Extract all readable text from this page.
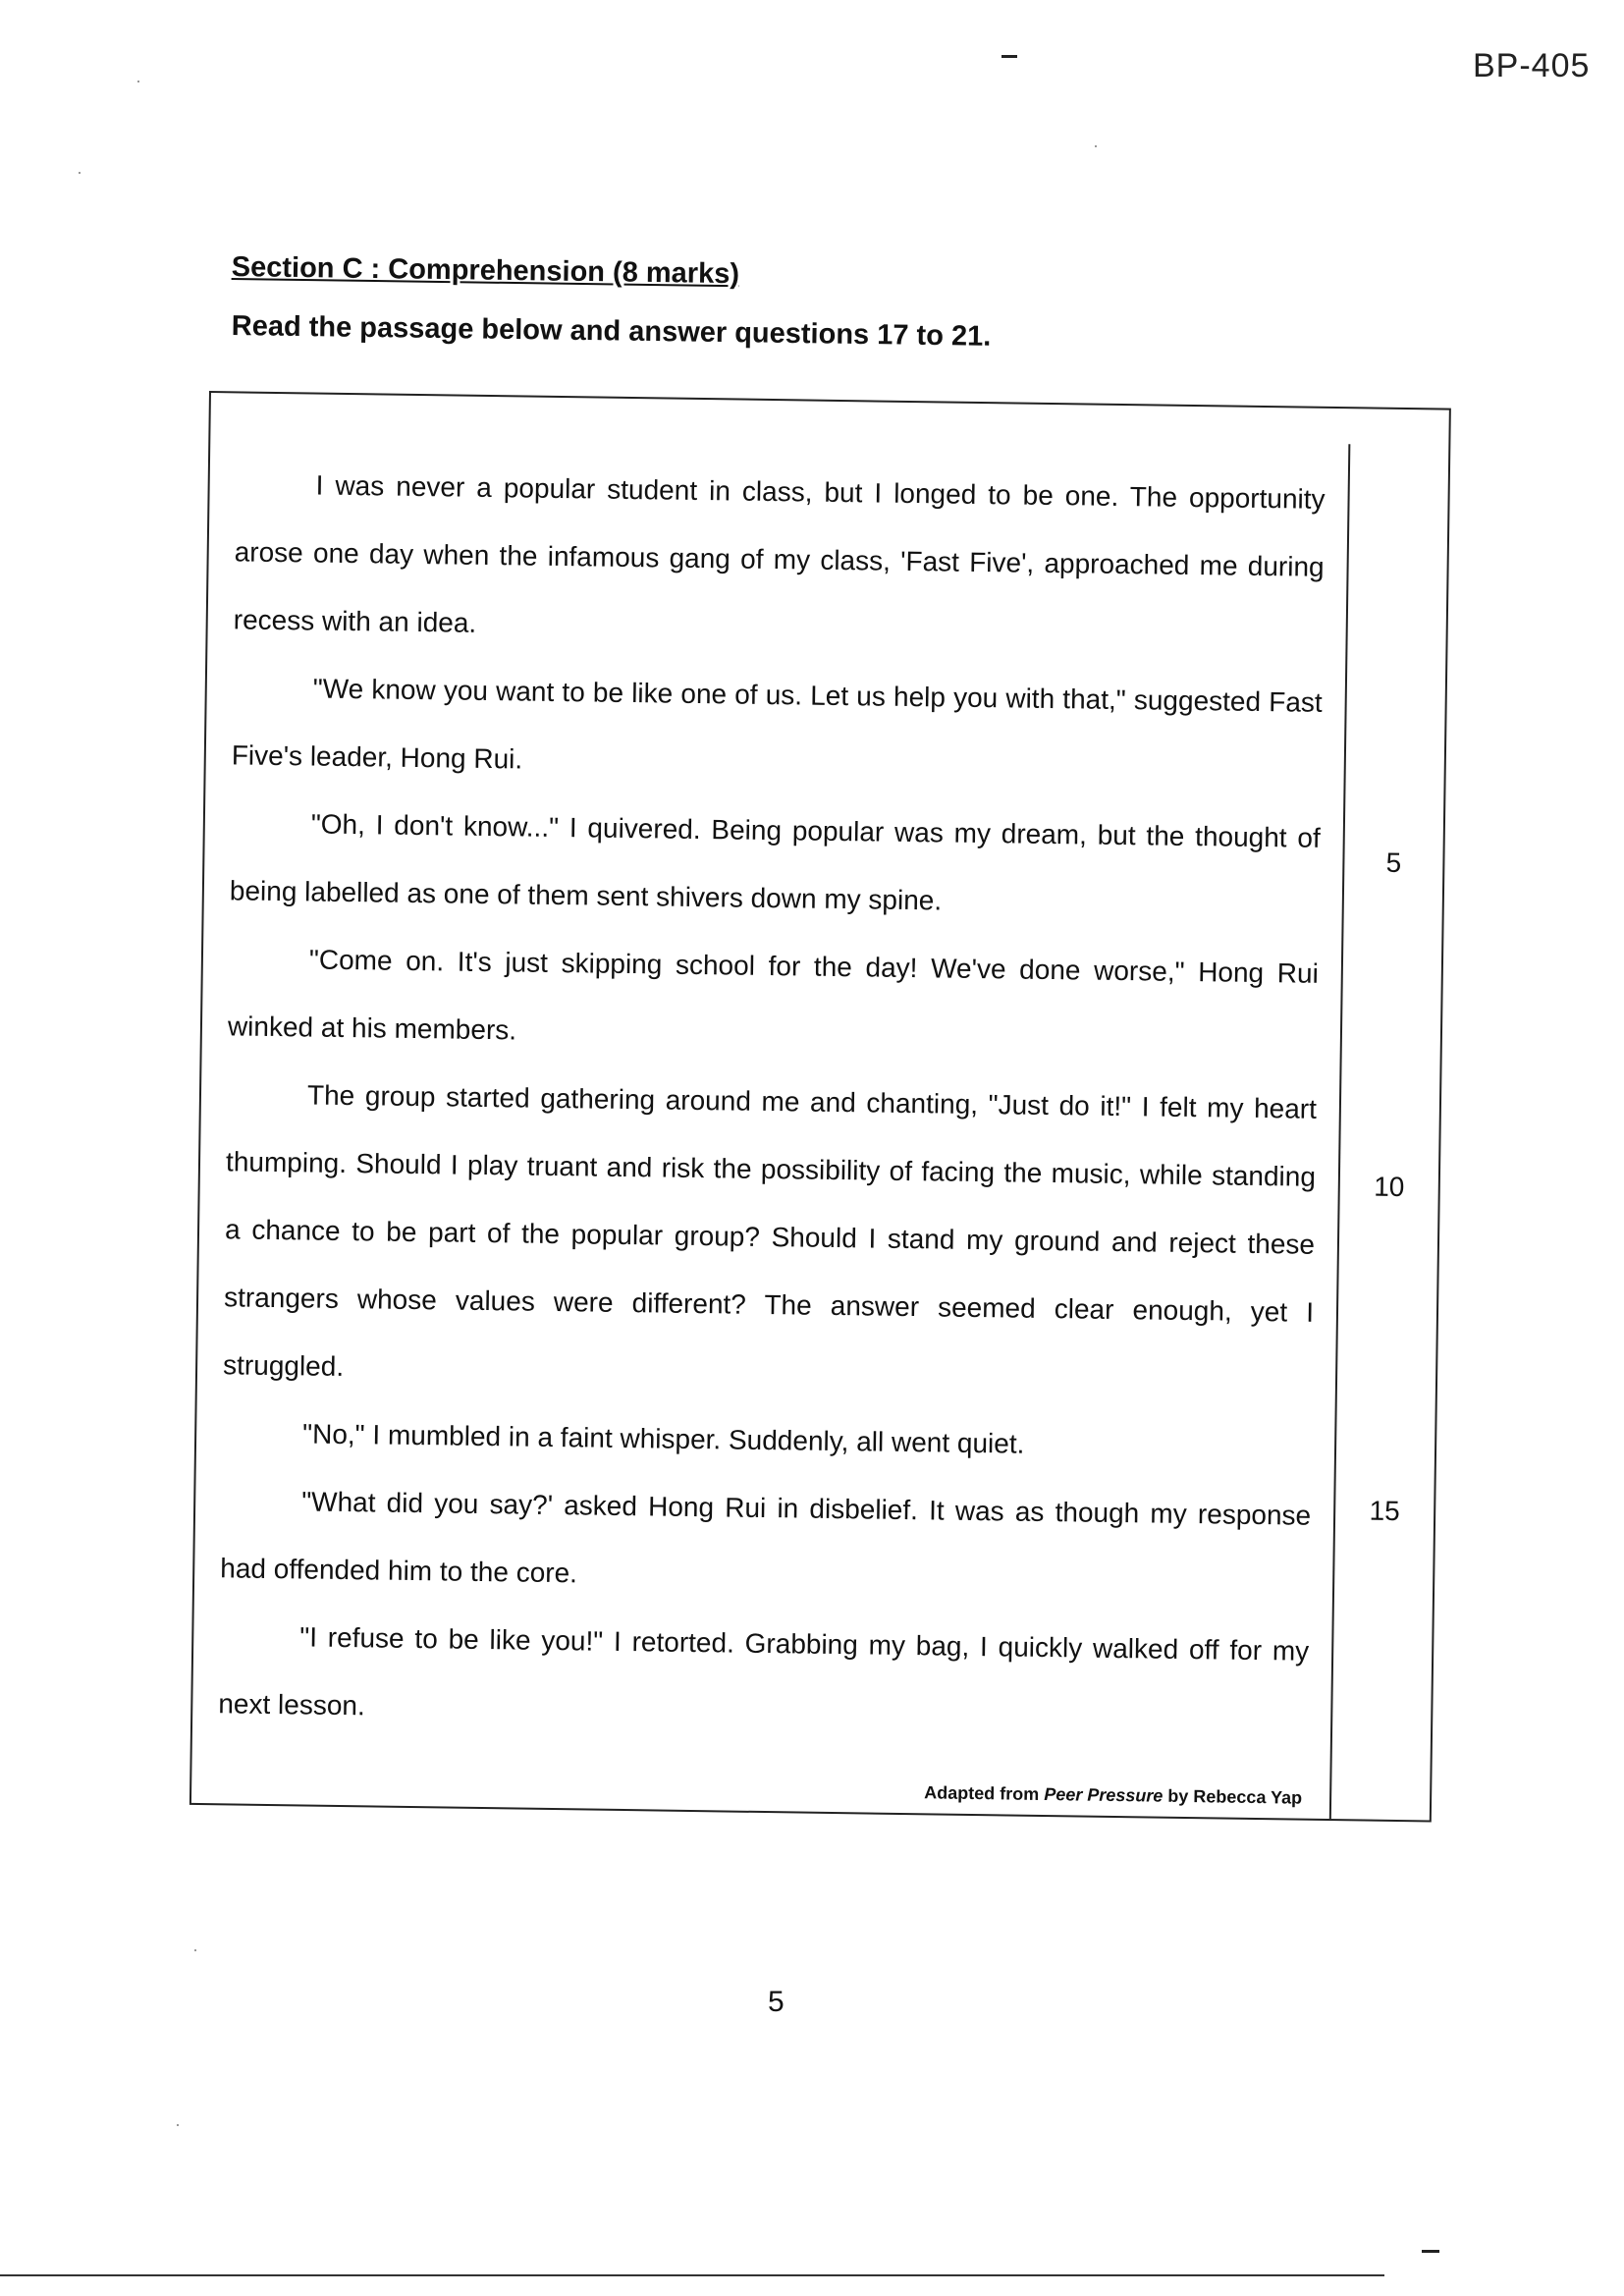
BP-405
Section C : Comprehension (8 marks)
Read the passage below and answer questions 17 to 21.
5
10
15

I was never a popular student in class, but I longed to be one. The opportunity arose one day when the infamous gang of my class, 'Fast Five', approached me during recess with an idea.

"We know you want to be like one of us. Let us help you with that," suggested Fast Five's leader, Hong Rui.

"Oh, I don't know..." I quivered. Being popular was my dream, but the thought of being labelled as one of them sent shivers down my spine.

"Come on. It's just skipping school for the day! We've done worse," Hong Rui winked at his members.

The group started gathering around me and chanting, "Just do it!" I felt my heart thumping. Should I play truant and risk the possibility of facing the music, while standing a chance to be part of the popular group? Should I stand my ground and reject these strangers whose values were different? The answer seemed clear enough, yet I struggled.

"No," I mumbled in a faint whisper. Suddenly, all went quiet.

"What did you say?' asked Hong Rui in disbelief. It was as though my response had offended him to the core.

"I refuse to be like you!" I retorted. Grabbing my bag, I quickly walked off for my next lesson.

Adapted from Peer Pressure by Rebecca Yap
5
